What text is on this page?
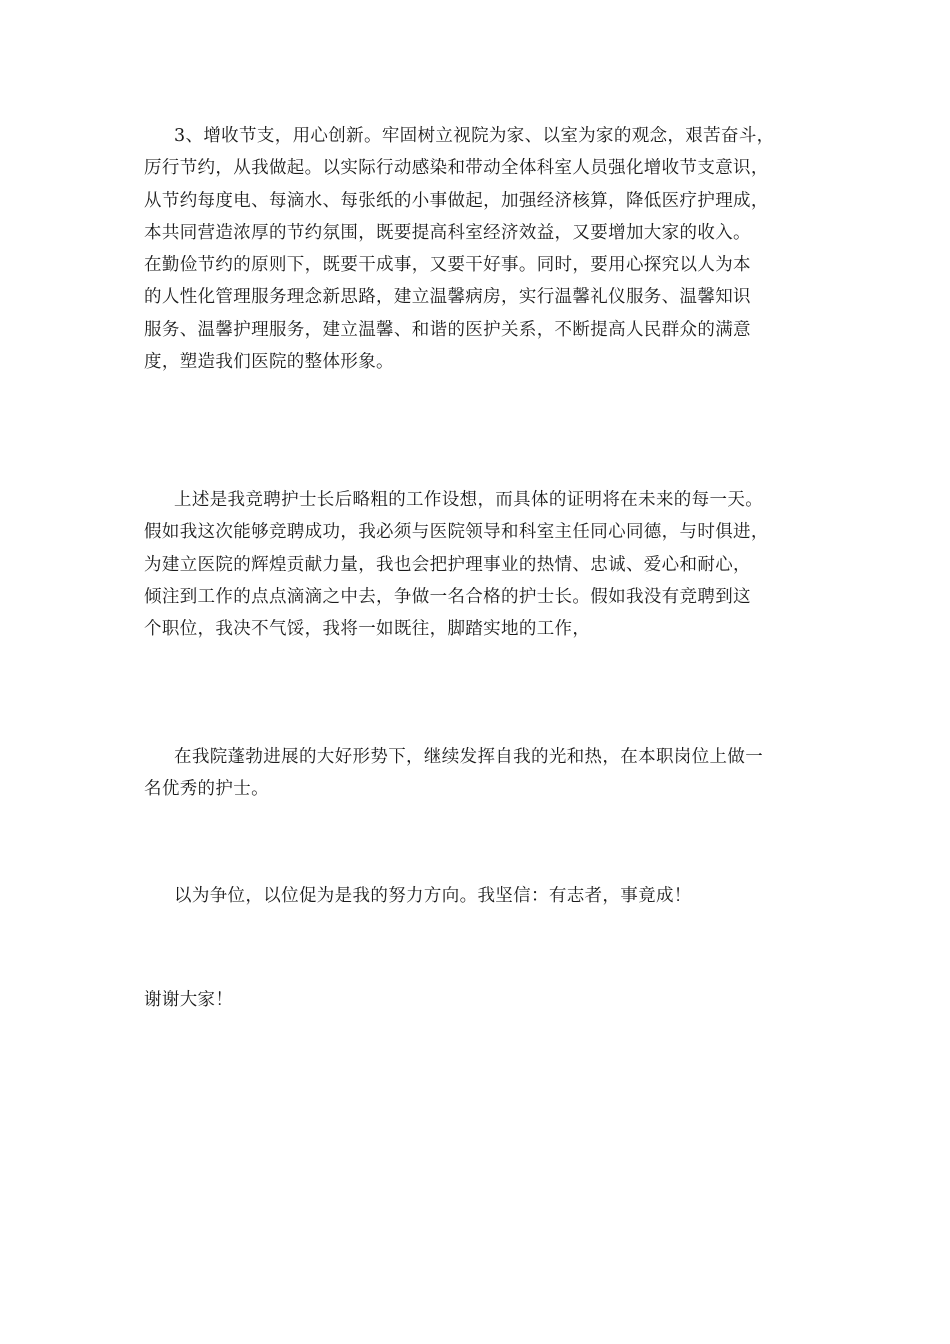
3、增收节支，用心创新。牢固树立视院为家、以室为家的观念，艰苦奋斗，
厉行节约，从我做起。以实际行动感染和带动全体科室人员强化增收节支意识，
从节约每度电、每滴水、每张纸的小事做起，加强经济核算，降低医疗护理成，
本共同营造浓厚的节约氛围，既要提高科室经济效益，又要增加大家的收入。
在勤俭节约的原则下，既要干成事，又要干好事。同时，要用心探究以人为本
的人性化管理服务理念新思路，建立温馨病房，实行温馨礼仪服务、温馨知识
服务、温馨护理服务，建立温馨、和谐的医护关系，不断提高人民群众的满意
度，塑造我们医院的整体形象。
上述是我竞聘护士长后略粗的工作设想，而具体的证明将在未来的每一天。
假如我这次能够竞聘成功，我必须与医院领导和科室主任同心同德，与时俱进，
为建立医院的辉煌贡献力量，我也会把护理事业的热情、忠诚、爱心和耐心，
倾注到工作的点点滴滴之中去，争做一名合格的护士长。假如我没有竞聘到这
个职位，我决不气馁，我将一如既往，脚踏实地的工作，
在我院蓬勃进展的大好形势下，继续发挥自我的光和热，在本职岗位上做一
名优秀的护士。
以为争位，以位促为是我的努力方向。我坚信：有志者，事竟成！
谢谢大家！
